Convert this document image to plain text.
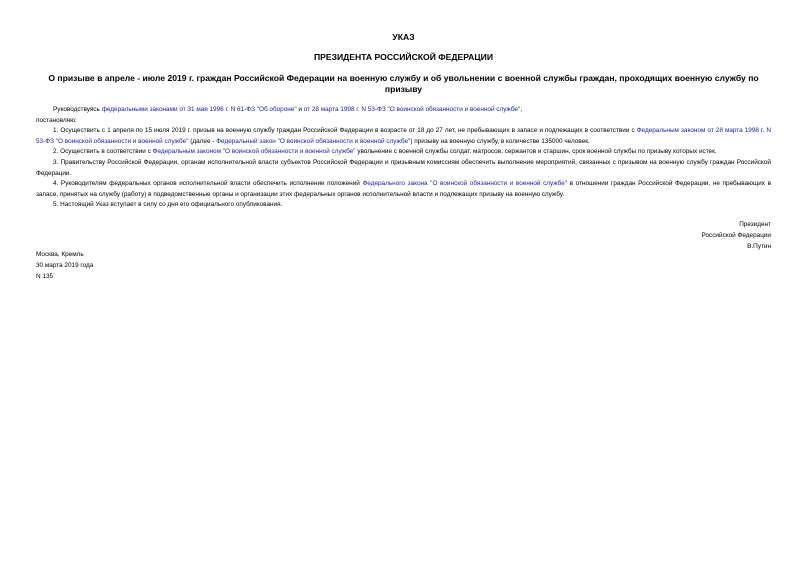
УКАЗ

ПРЕЗИДЕНТА РОССИЙСКОЙ ФЕДЕРАЦИИ

О призыве в апреле - июле 2019 г. граждан Российской Федерации на военную службу и об увольнении с военной службы граждан, проходящих военную службу по призыву

Руководствуясь федеральными законами от 31 мая 1996 г. N 61-ФЗ "Об обороне" и от 28 марта 1998 г. N 53-ФЗ "О воинской обязанности и военной службе",

постановляю:

1. Осуществить с 1 апреля по 15 июля 2019 г. призыв на военную службу граждан Российской Федерации в возрасте от 18 до 27 лет, не пребывающих в запасе и подлежащих в соответствии с Федеральным законом от 28 марта 1998 г. N 53-ФЗ "О воинской обязанности и военной службе" (далее - Федеральный закон "О воинской обязанности и военной службе") призыву на военную службу, в количестве 135000 человек.

2. Осуществить в соответствии с Федеральным законом "О воинской обязанности и военной службе" увольнение с военной службы солдат, матросов, сержантов и старшин, срок военной службы по призыву которых истек.

3. Правительству Российской Федерации, органам исполнительной власти субъектов Российской Федерации и призывным комиссиям обеспечить выполнение мероприятий, связанных с призывом на военную службу граждан Российской Федерации.

4. Руководителям федеральных органов исполнительной власти обеспечить исполнение положений Федерального закона "О воинской обязанности и военной службе" в отношении граждан Российской Федерации, не пребывающих в запасе, принятых на службу (работу) в подведомственные органы и организации этих федеральных органов исполнительной власти и подлежащих призыву на военную службу.

5. Настоящий Указ вступает в силу со дня его официального опубликования.

Президент
Российской Федерации
В.Путин
Москва, Кремль
30 марта 2019 года
N 135
